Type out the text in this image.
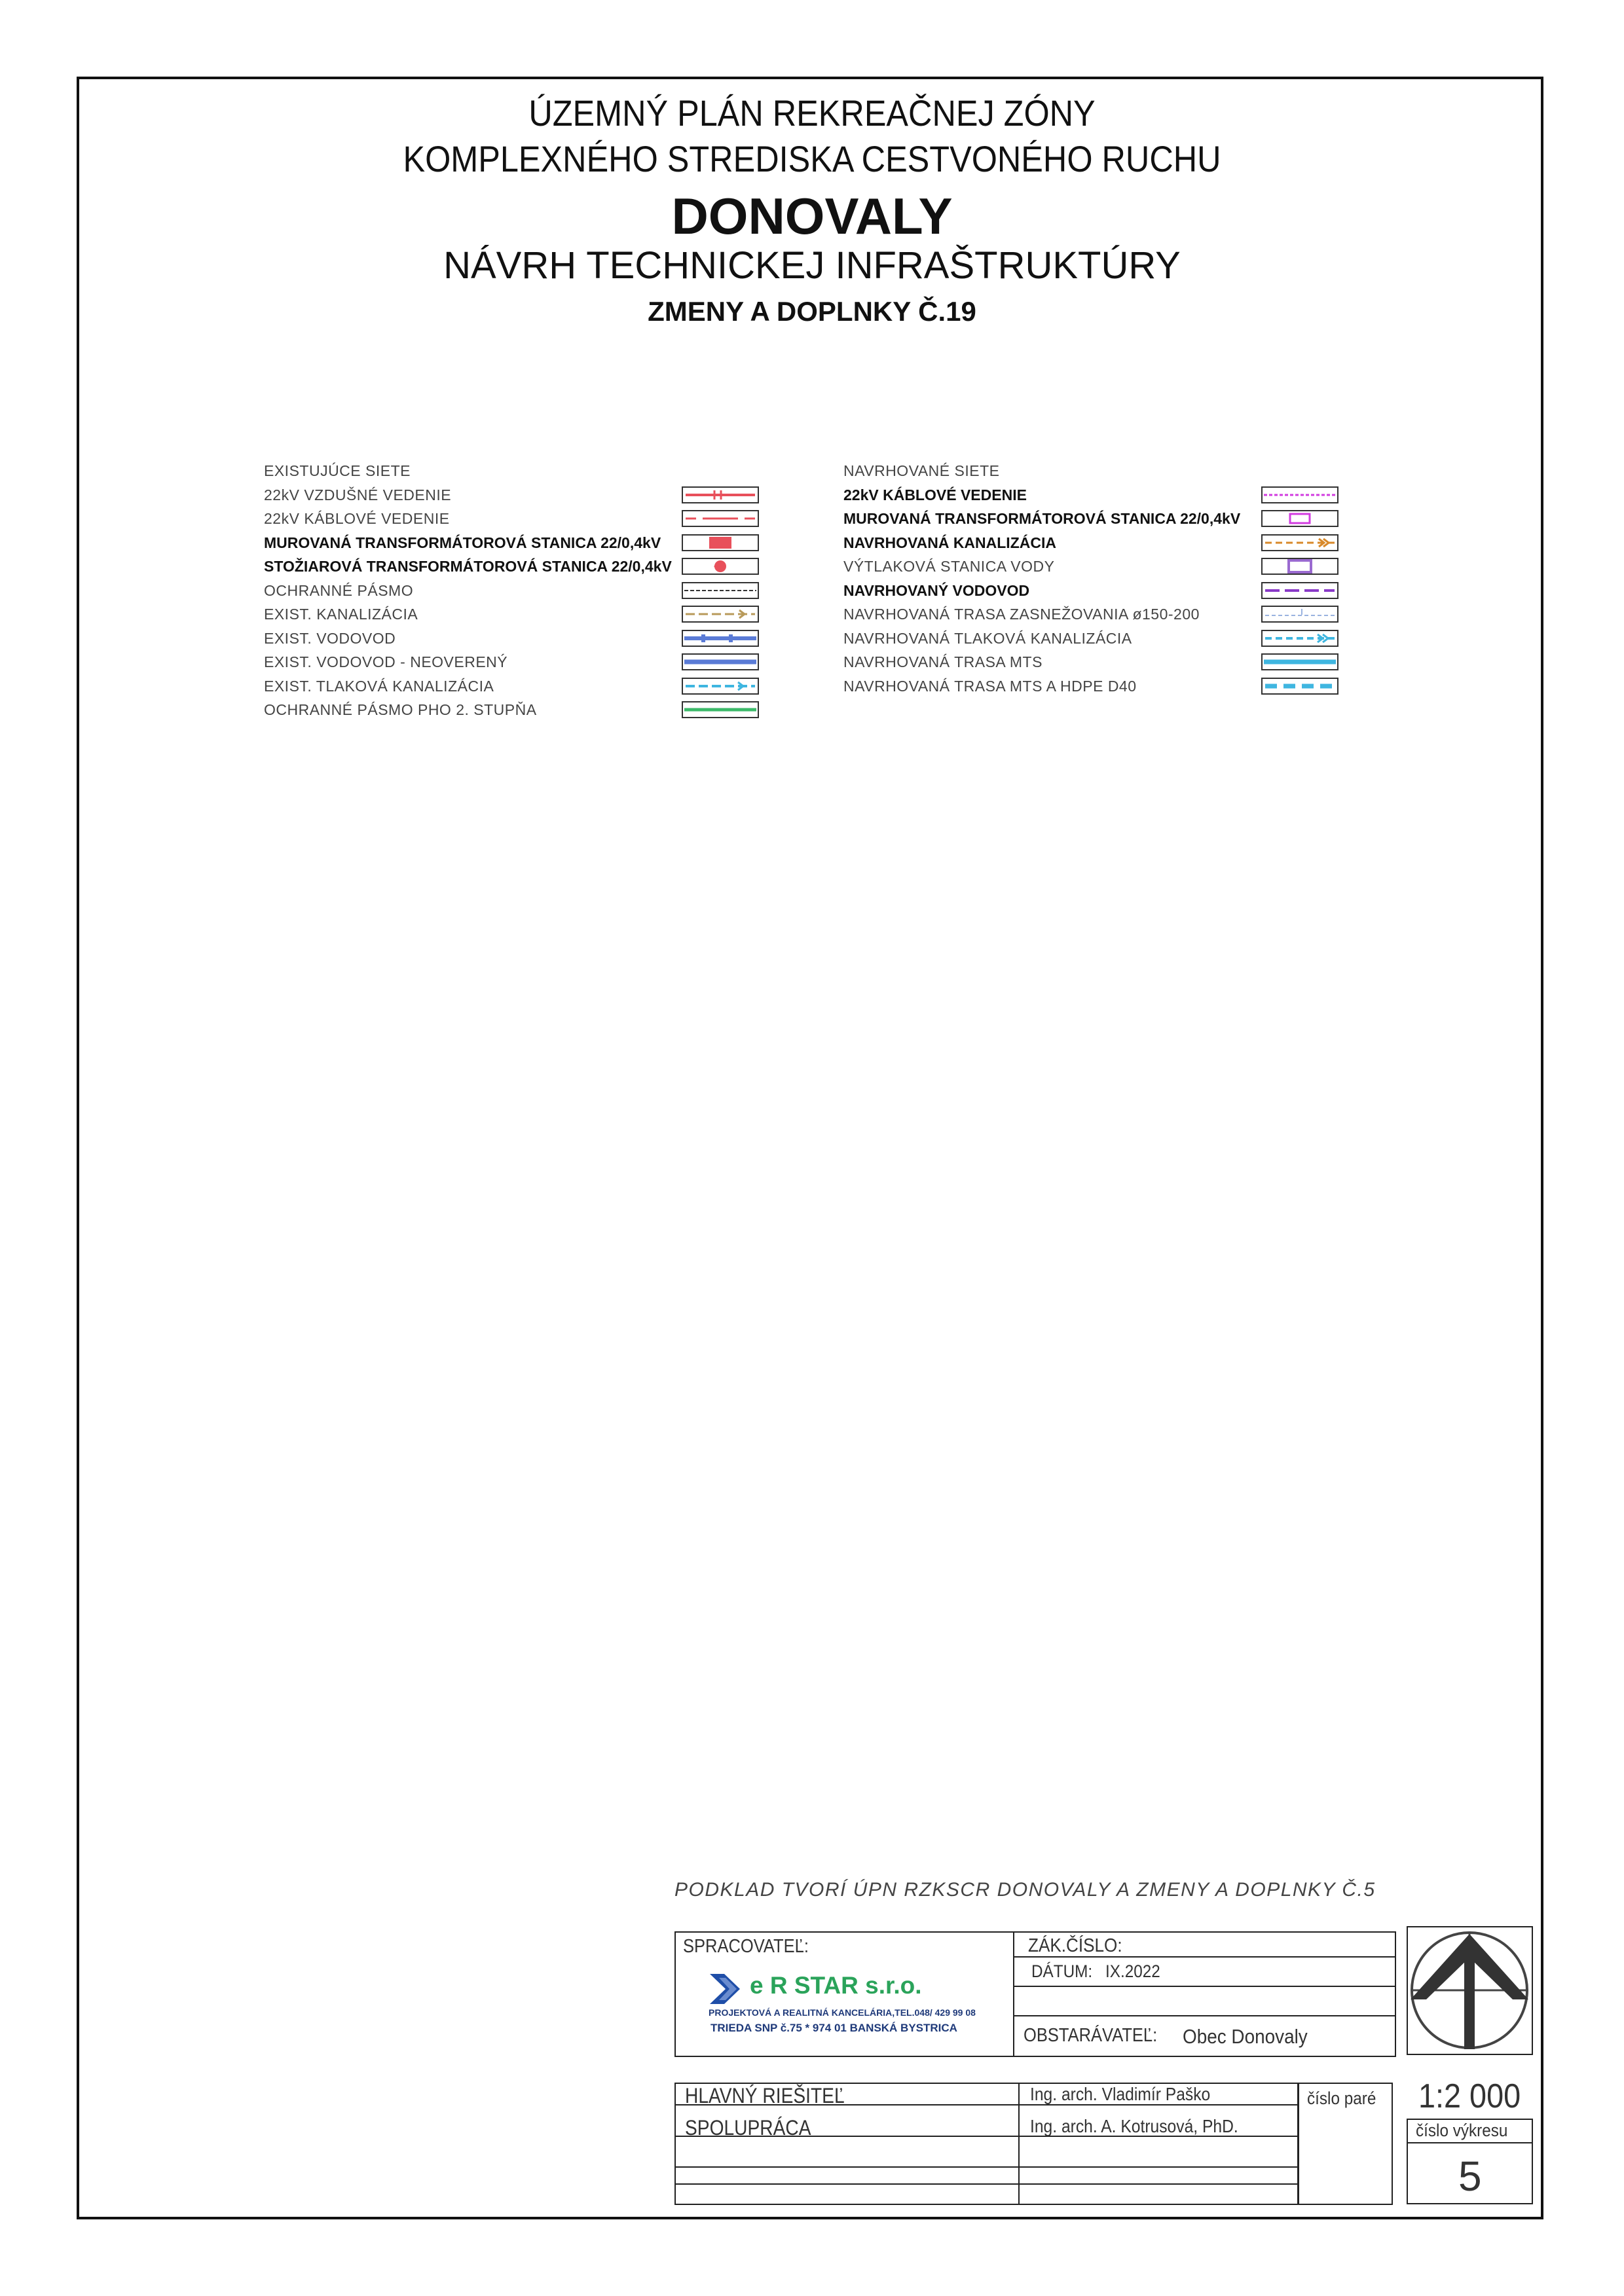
ÚZEMNÝ PLÁN REKREAČNEJ ZÓNY
KOMPLEXNÉHO STREDISKA CESTVONÉHO RUCHU
DONOVALY
NÁVRH TECHNICKEJ INFRAŠTRUKTÚRY
ZMENY A DOPLNKY Č.19
EXISTUJÚCE SIETE
22kV VZDUŠNÉ VEDENIE
22kV KÁBLOVÉ VEDENIE
MUROVANÁ TRANSFORMÁTOROVÁ STANICA 22/0,4kV
STOŽIAROVÁ TRANSFORMÁTOROVÁ STANICA 22/0,4kV
OCHRANNÉ PÁSMO
EXIST. KANALIZÁCIA
EXIST. VODOVOD
EXIST. VODOVOD - NEOVERENÝ
EXIST. TLAKOVÁ KANALIZÁCIA
OCHRANNÉ PÁSMO PHO 2. STUPŇA
NAVRHOVANÉ SIETE
22kV KÁBLOVÉ VEDENIE
MUROVANÁ TRANSFORMÁTOROVÁ STANICA 22/0,4kV
NAVRHOVANÁ KANALIZÁCIA
VÝTLAKOVÁ STANICA VODY
NAVRHOVANÝ VODOVOD
NAVRHOVANÁ TRASA ZASNEŽOVANIA ø150-200
NAVRHOVANÁ TLAKOVÁ KANALIZÁCIA
NAVRHOVANÁ TRASA MTS
NAVRHOVANÁ TRASA MTS A HDPE D40
PODKLAD TVORÍ ÚPN RZKSCR DONOVALY A ZMENY A DOPLNKY Č.5
SPRACOVATEĽ:
e R STAR s.r.o.
PROJEKTOVÁ A REALITNÁ KANCELÁRIA,TEL.048/ 429 99 08
TRIEDA SNP č.75 * 974 01 BANSKÁ BYSTRICA
ZÁK.ČÍSLO:
DÁTUM: IX.2022
OBSTARÁVATEĽ: Obec Donovaly
HLAVNÝ RIEŠITEĽ	Ing. arch. Vladimír Paško
SPOLUPRÁCA	Ing. arch. A. Kotrusová, PhD.
číslo paré 1:2 000
číslo výkresu
5
